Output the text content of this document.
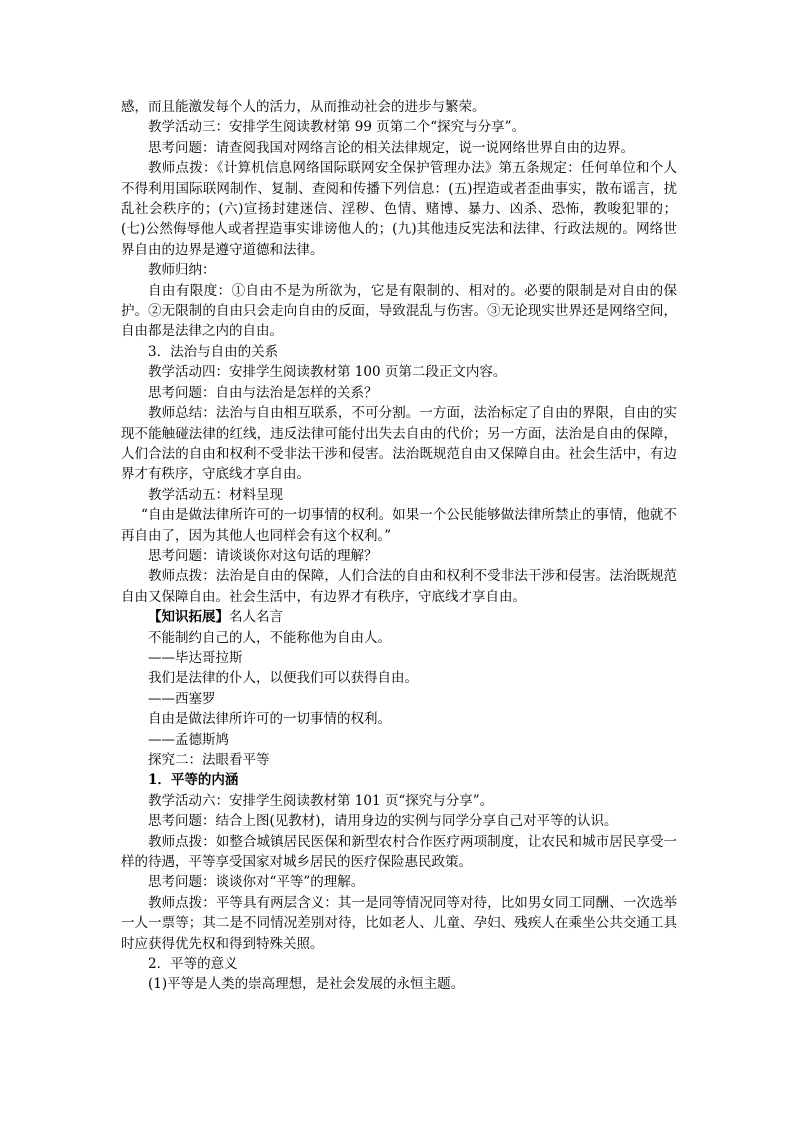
感，而且能激发每个人的活力，从而推动社会的进步与繁荣。

教学活动三：安排学生阅读教材第 99 页第二个“探究与分享”。

思考问题：请查阅我国对网络言论的相关法律规定，说一说网络世界自由的边界。

教师点拨：《计算机信息网络国际联网安全保护管理办法》第五条规定：任何单位和个人不得利用国际联网制作、复制、查阅和传播下列信息：(五)捏造或者歪曲事实，散布谣言，扰乱社会秩序的；(六)宣扬封建迷信、淫秽、色情、赌博、暴力、凶杀、恐怖，教唆犯罪的；(七)公然侮辱他人或者捏造事实诽谤他人的；(九)其他违反宪法和法律、行政法规的。网络世界自由的边界是遵守道德和法律。

教师归纳：

自由有限度：①自由不是为所欲为，它是有限制的、相对的。必要的限制是对自由的保护。②无限制的自由只会走向自由的反面，导致混乱与伤害。③无论现实世界还是网络空间，自由都是法律之内的自由。

3．法治与自由的关系

教学活动四：安排学生阅读教材第 100 页第二段正文内容。

思考问题：自由与法治是怎样的关系？

教师总结：法治与自由相互联系，不可分割。一方面，法治标定了自由的界限，自由的实现不能触碰法律的红线，违反法律可能付出失去自由的代价；另一方面，法治是自由的保障，人们合法的自由和权利不受非法干涉和侵害。法治既规范自由又保障自由。社会生活中，有边界才有秩序，守底线才享自由。

教学活动五：材料呈现

“自由是做法律所许可的一切事情的权利。如果一个公民能够做法律所禁止的事情，他就不再自由了，因为其他人也同样会有这个权利。”

思考问题：请谈谈你对这句话的理解？

教师点拨：法治是自由的保障，人们合法的自由和权利不受非法干涉和侵害。法治既规范自由又保障自由。社会生活中，有边界才有秩序，守底线才享自由。

【知识拓展】名人名言

不能制约自己的人，不能称他为自由人。

——毕达哥拉斯

我们是法律的仆人，以便我们可以获得自由。

——西塞罗

自由是做法律所许可的一切事情的权利。

——孟德斯鸠

探究二：法眼看平等

1．平等的内涵

教学活动六：安排学生阅读教材第 101 页“探究与分享”。

思考问题：结合上图(见教材)，请用身边的实例与同学分享自己对平等的认识。

教师点拨：如整合城镇居民医保和新型农村合作医疗两项制度，让农民和城市居民享受一样的待遇，平等享受国家对城乡居民的医疗保险惠民政策。

思考问题：谈谈你对“平等”的理解。

教师点拨：平等具有两层含义：其一是同等情况同等对待，比如男女同工同酬、一次选举一人一票等；其二是不同情况差别对待，比如老人、儿童、孕妇、残疾人在乘坐公共交通工具时应获得优先权和得到特殊关照。

2．平等的意义

(1)平等是人类的崇高理想，是社会发展的永恒主题。
